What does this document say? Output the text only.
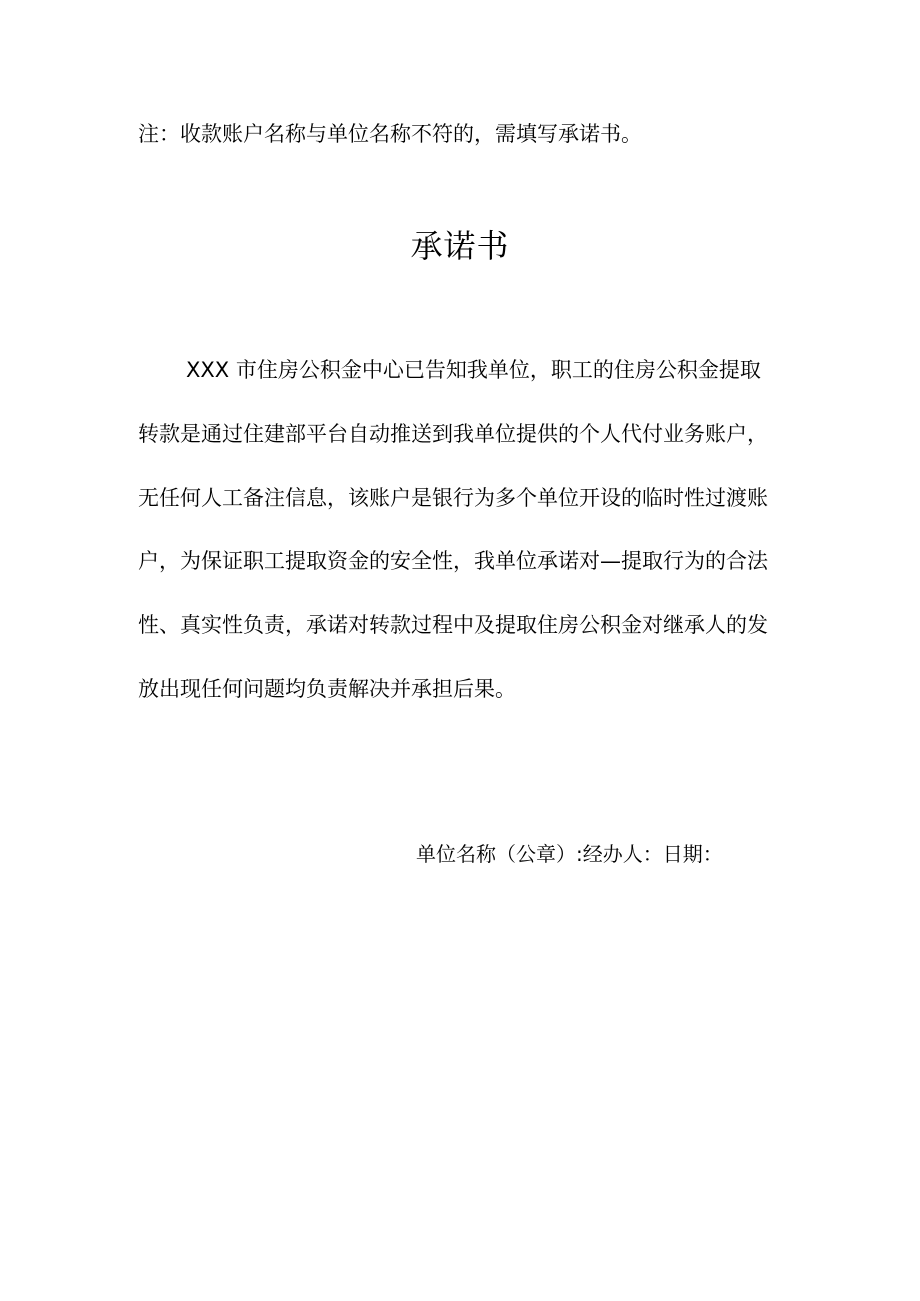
注：收款账户名称与单位名称不符的，需填写承诺书。
承诺书
XXX 市住房公积金中心已告知我单位，职工的住房公积金提取
转款是通过住建部平台自动推送到我单位提供的个人代付业务账户，
无任何人工备注信息，该账户是银行为多个单位开设的临时性过渡账
户，为保证职工提取资金的安全性，我单位承诺对—提取行为的合法
性、真实性负责，承诺对转款过程中及提取住房公积金对继承人的发
放出现任何问题均负责解决并承担后果。
单位名称（公章）:经办人：日期：
